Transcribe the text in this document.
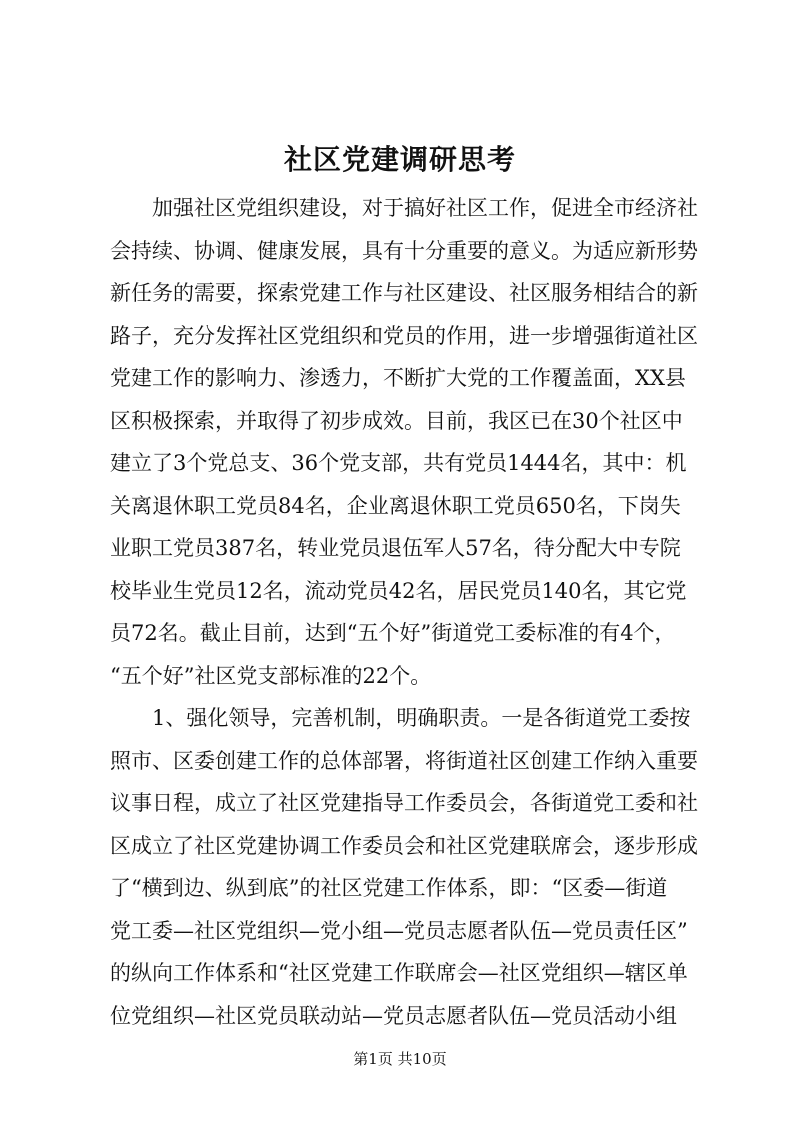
社区党建调研思考
　　加强社区党组织建设，对于搞好社区工作，促进全市经济社
会持续、协调、健康发展，具有十分重要的意义。为适应新形势
新任务的需要，探索党建工作与社区建设、社区服务相结合的新
路子，充分发挥社区党组织和党员的作用，进一步增强街道社区
党建工作的影响力、渗透力，不断扩大党的工作覆盖面，XX县
区积极探索，并取得了初步成效。目前，我区已在30个社区中
建立了3个党总支、36个党支部，共有党员1444名，其中：机
关离退休职工党员84名，企业离退休职工党员650名，下岗失
业职工党员387名，转业党员退伍军人57名，待分配大中专院
校毕业生党员12名，流动党员42名，居民党员140名，其它党
员72名。截止目前，达到“五个好”街道党工委标准的有4个，
“五个好”社区党支部标准的22个。
　　1、强化领导，完善机制，明确职责。一是各街道党工委按
照市、区委创建工作的总体部署，将街道社区创建工作纳入重要
议事日程，成立了社区党建指导工作委员会，各街道党工委和社
区成立了社区党建协调工作委员会和社区党建联席会，逐步形成
了“横到边、纵到底”的社区党建工作体系，即：“区委—街道
党工委—社区党组织—党小组—党员志愿者队伍—党员责任区”
的纵向工作体系和“社区党建工作联席会—社区党组织—辖区单
位党组织—社区党员联动站—党员志愿者队伍—党员活动小组
第1页 共10页
